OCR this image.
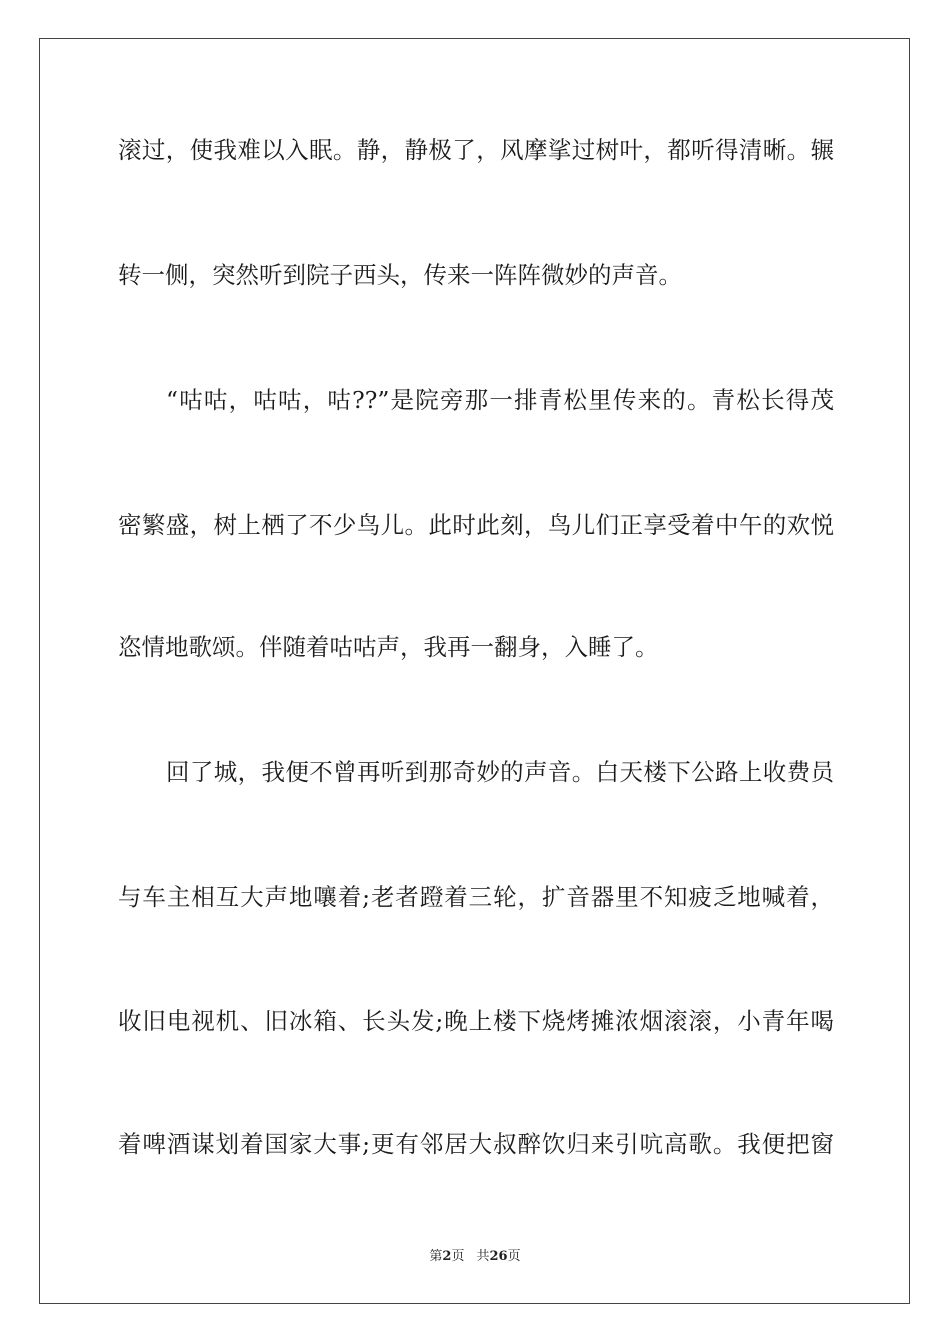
滚过，使我难以入眠。静，静极了，风摩挲过树叶，都听得清晰。辗
转一侧，突然听到院子西头，传来一阵阵微妙的声音。
“咕咕，咕咕，咕??”是院旁那一排青松里传来的。青松长得茂
密繁盛，树上栖了不少鸟儿。此时此刻，鸟儿们正享受着中午的欢悦
恣情地歌颂。伴随着咕咕声，我再一翻身，入睡了。
回了城，我便不曾再听到那奇妙的声音。白天楼下公路上收费员
与车主相互大声地嚷着;老者蹬着三轮，扩音器里不知疲乏地喊着，
收旧电视机、旧冰箱、长头发;晚上楼下烧烤摊浓烟滚滚，小青年喝
着啤酒谋划着国家大事;更有邻居大叔醉饮归来引吭高歌。我便把窗
第2页 共26页
